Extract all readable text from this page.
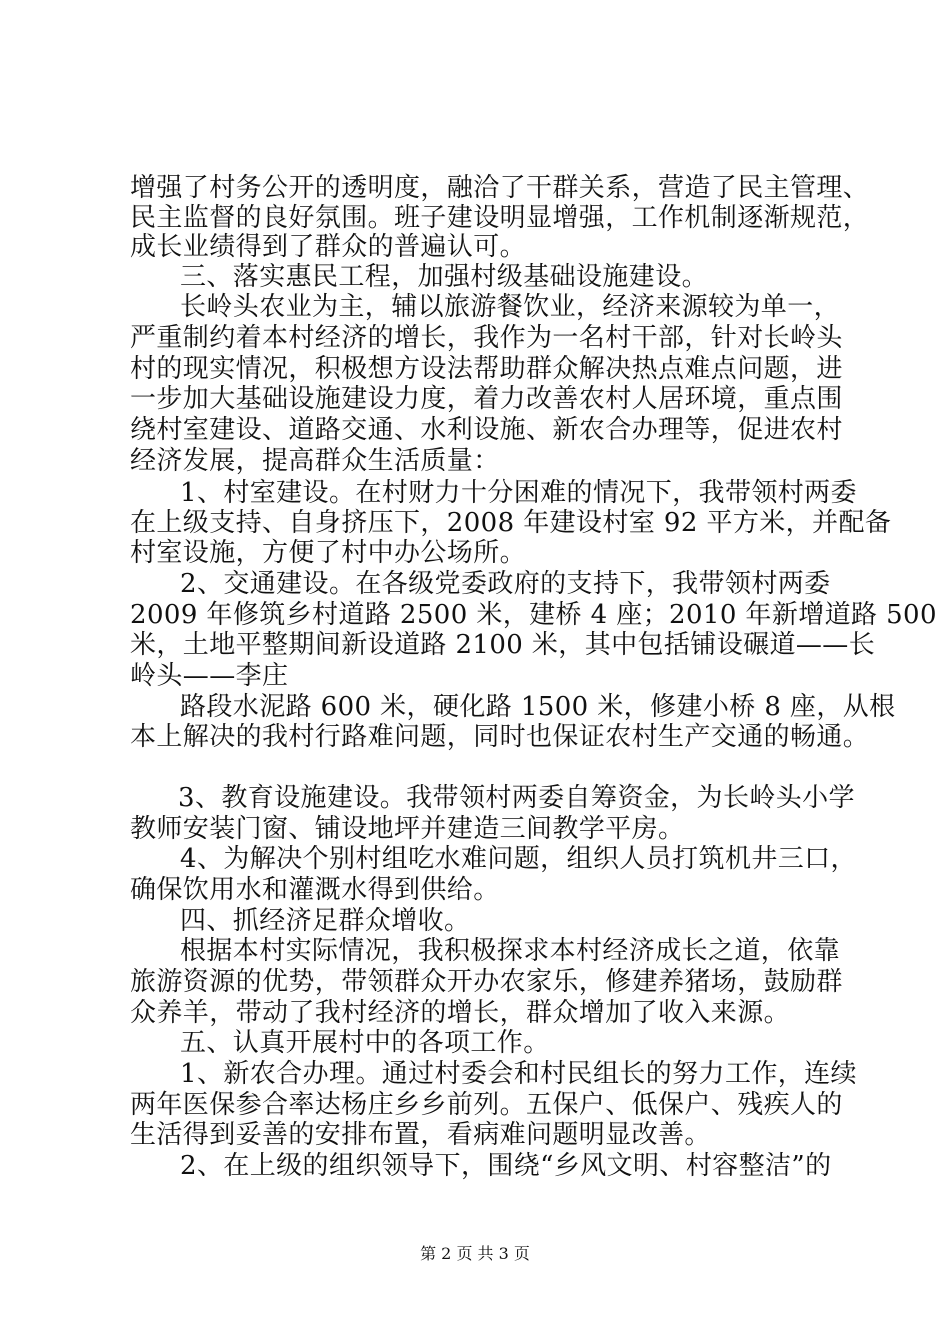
增强了村务公开的透明度，融洽了干群关系，营造了民主管理、
民主监督的良好氛围。班子建设明显增强，工作机制逐渐规范，
成长业绩得到了群众的普遍认可。
三、落实惠民工程，加强村级基础设施建设。
长岭头农业为主，辅以旅游餐饮业，经济来源较为单一，
严重制约着本村经济的增长，我作为一名村干部，针对长岭头
村的现实情况，积极想方设法帮助群众解决热点难点问题，进
一步加大基础设施建设力度，着力改善农村人居环境，重点围
绕村室建设、道路交通、水利设施、新农合办理等，促进农村
经济发展，提高群众生活质量：
1、村室建设。在村财力十分困难的情况下，我带领村两委
在上级支持、自身挤压下，2008 年建设村室 92 平方米，并配备
村室设施，方便了村中办公场所。
2、交通建设。在各级党委政府的支持下，我带领村两委
2009 年修筑乡村道路 2500 米，建桥 4 座；2010 年新增道路 500
米，土地平整期间新设道路 2100 米，其中包括铺设碾道——长
岭头——李庄
路段水泥路 600 米，硬化路 1500 米，修建小桥 8 座，从根
本上解决的我村行路难问题，同时也保证农村生产交通的畅通。
3、教育设施建设。我带领村两委自筹资金，为长岭头小学
教师安装门窗、铺设地坪并建造三间教学平房。
4、为解决个别村组吃水难问题，组织人员打筑机井三口，
确保饮用水和灌溉水得到供给。
四、抓经济足群众增收。
根据本村实际情况，我积极探求本村经济成长之道，依靠
旅游资源的优势，带领群众开办农家乐，修建养猪场，鼓励群
众养羊，带动了我村经济的增长，群众增加了收入来源。
五、认真开展村中的各项工作。
1、新农合办理。通过村委会和村民组长的努力工作，连续
两年医保参合率达杨庄乡乡前列。五保户、低保户、残疾人的
生活得到妥善的安排布置，看病难问题明显改善。
2、在上级的组织领导下，围绕“乡风文明、村容整洁”的
第 2 页 共 3 页
